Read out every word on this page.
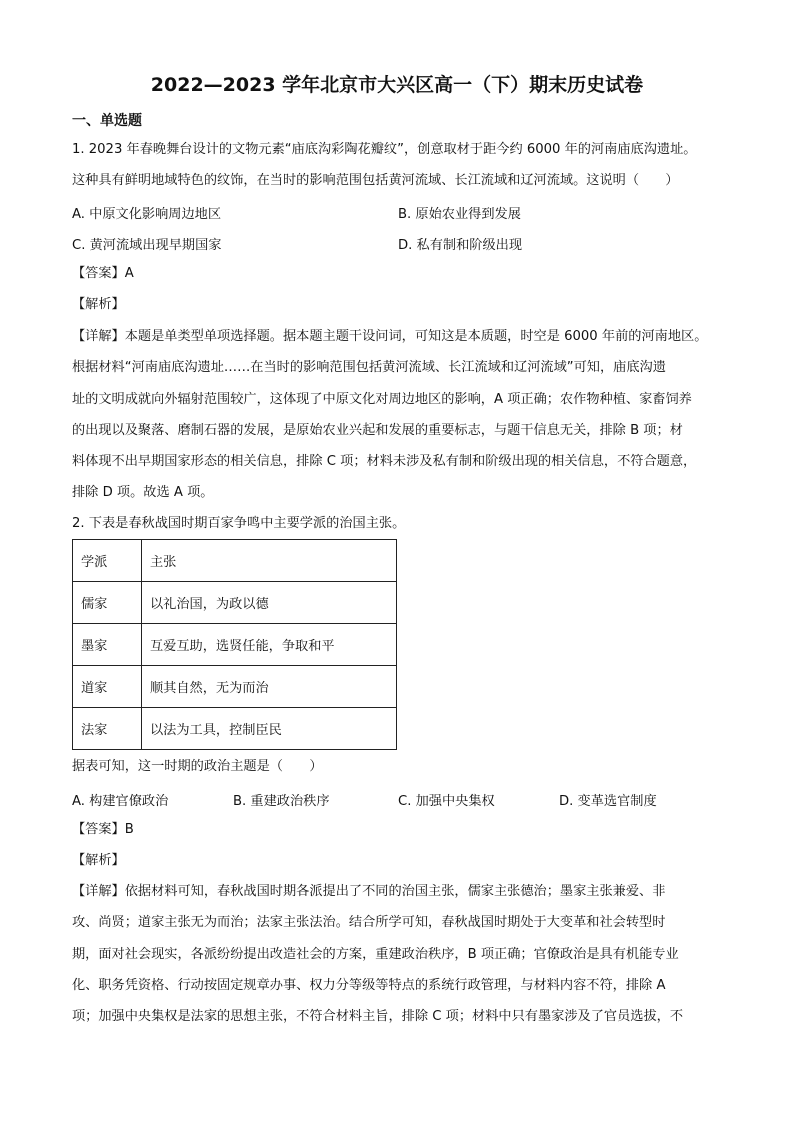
2022—2023 学年北京市大兴区高一（下）期末历史试卷
一、单选题
1. 2023 年春晚舞台设计的文物元素“庙底沟彩陶花瓣纹”，创意取材于距今约 6000 年的河南庙底沟遗址。
这种具有鲜明地域特色的纹饰，在当时的影响范围包括黄河流域、长江流域和辽河流域。这说明（　　）
A. 中原文化影响周边地区	B. 原始农业得到发展
C. 黄河流域出现早期国家	D. 私有制和阶级出现
【答案】A
【解析】
【详解】本题是单类型单项选择题。据本题主题干设问词，可知这是本质题，时空是 6000 年前的河南地区。
根据材料“河南庙底沟遗址……在当时的影响范围包括黄河流域、长江流域和辽河流域”可知，庙底沟遗
址的文明成就向外辐射范围较广，这体现了中原文化对周边地区的影响，A 项正确；农作物种植、家畜饲养
的出现以及聚落、磨制石器的发展，是原始农业兴起和发展的重要标志，与题干信息无关，排除 B 项；材
料体现不出早期国家形态的相关信息，排除 C 项；材料未涉及私有制和阶级出现的相关信息，不符合题意，
排除 D 项。故选 A 项。
2. 下表是春秋战国时期百家争鸣中主要学派的治国主张。
学派	主张
儒家	以礼治国，为政以德
墨家	互爱互助，选贤任能，争取和平
道家	顺其自然，无为而治
法家	以法为工具，控制臣民
据表可知，这一时期的政治主题是（　　）
A. 构建官僚政治	B. 重建政治秩序	C. 加强中央集权	D. 变革选官制度
【答案】B
【解析】
【详解】依据材料可知，春秋战国时期各派提出了不同的治国主张，儒家主张德治；墨家主张兼爱、非
攻、尚贤；道家主张无为而治；法家主张法治。结合所学可知，春秋战国时期处于大变革和社会转型时
期，面对社会现实，各派纷纷提出改造社会的方案，重建政治秩序，B 项正确；官僚政治是具有机能专业
化、职务凭资格、行动按固定规章办事、权力分等级等特点的系统行政管理，与材料内容不符，排除 A
项；加强中央集权是法家的思想主张，不符合材料主旨，排除 C 项；材料中只有墨家涉及了官员选拔，不
